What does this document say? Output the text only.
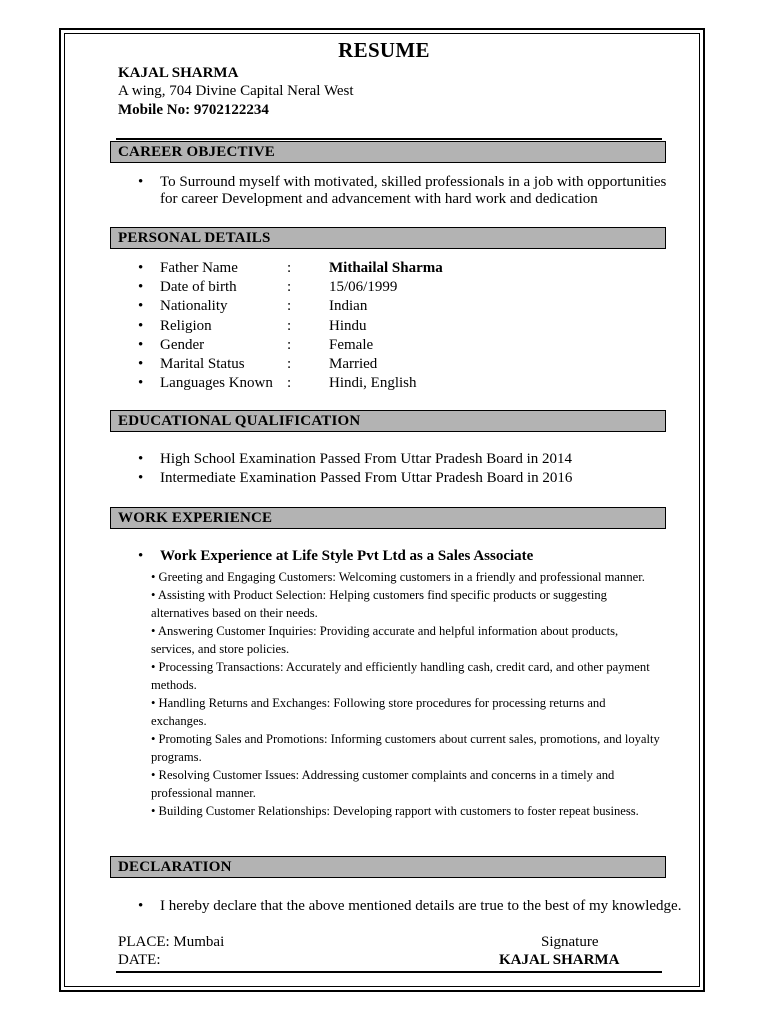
RESUME
KAJAL SHARMA
A wing, 704 Divine Capital Neral West
Mobile No: 9702122234
CAREER OBJECTIVE
• To Surround myself with motivated, skilled professionals in a job with opportunities for career Development and advancement with hard work and dedication
PERSONAL DETAILS
• Father Name	:	Mithailal Sharma
• Date of birth	:	15/06/1999
• Nationality	:	Indian
• Religion	:	Hindu
• Gender	:	Female
• Marital Status	:	Married
• Languages Known :	Hindi, English
EDUCATIONAL QUALIFICATION
• High School Examination Passed From Uttar Pradesh Board in 2014
• Intermediate Examination Passed From Uttar Pradesh Board in 2016
WORK EXPERIENCE
• Work Experience at Life Style Pvt Ltd as a Sales Associate

• Greeting and Engaging Customers: Welcoming customers in a friendly and professional manner.

• Assisting with Product Selection: Helping customers find specific products or suggesting alternatives based on their needs.

• Answering Customer Inquiries: Providing accurate and helpful information about products, services, and store policies.

• Processing Transactions: Accurately and efficiently handling cash, credit card, and other payment methods.

• Handling Returns and Exchanges: Following store procedures for processing returns and exchanges.

• Promoting Sales and Promotions: Informing customers about current sales, promotions, and loyalty programs.

• Resolving Customer Issues: Addressing customer complaints and concerns in a timely and professional manner.

• Building Customer Relationships: Developing rapport with customers to foster repeat business.

DECLARATION
• I hereby declare that the above mentioned details are true to the best of my knowledge.
PLACE: Mumbai
DATE:
Signature
KAJAL SHARMA
